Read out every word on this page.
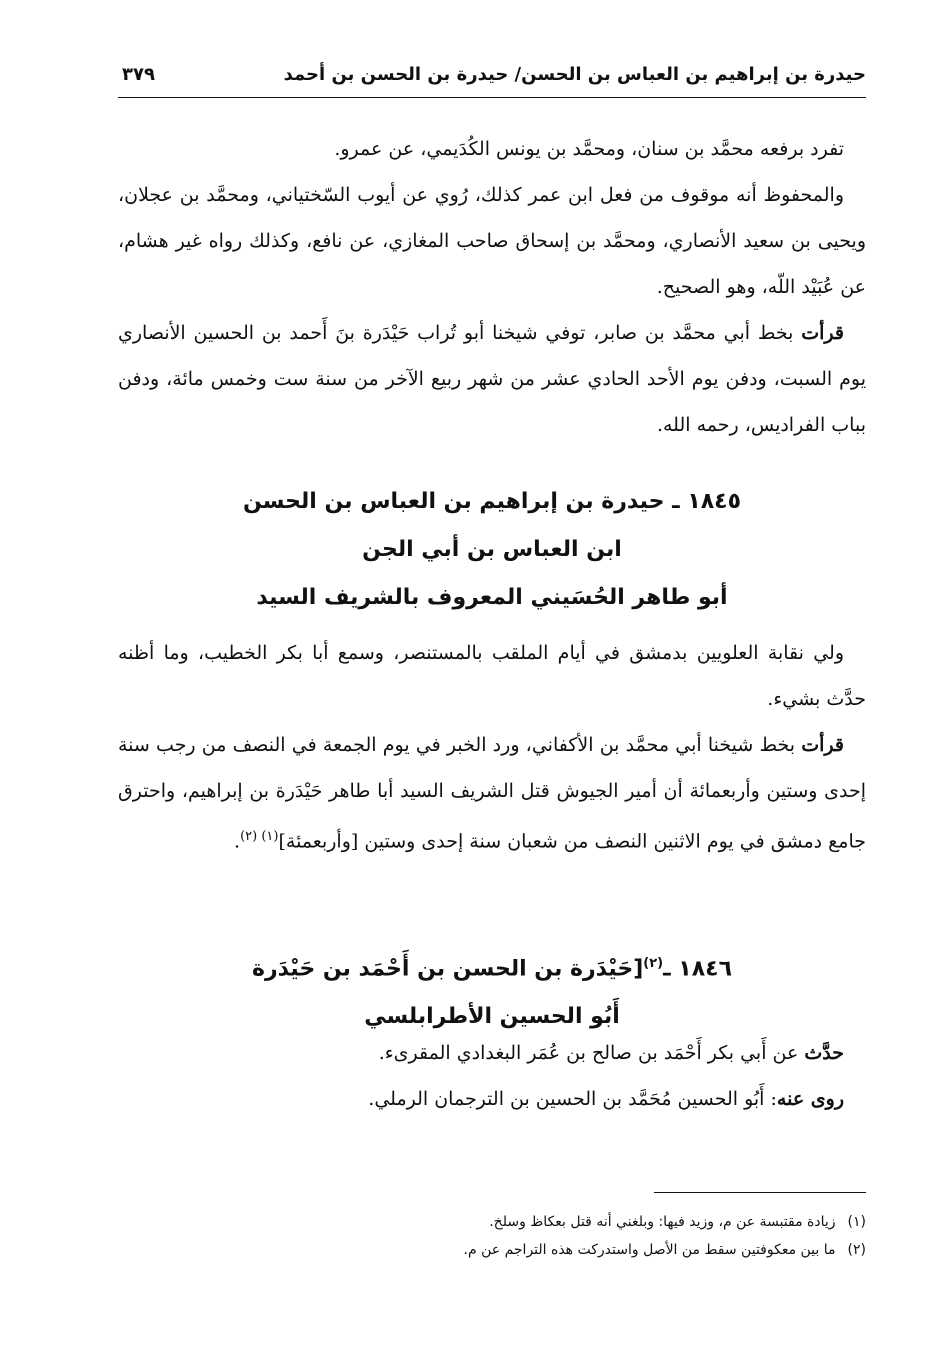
حيدرة بن إبراهيم بن العباس بن الحسن/ حيدرة بن الحسن بن أحمد
٣٧٩

تفرد برفعه محمَّد بن سنان، ومحمَّد بن يونس الكُدَيمي، عن عمرو.

والمحفوظ أنه موقوف من فعل ابن عمر كذلك، رُوي عن أيوب السّختياني، ومحمَّد بن عجلان، ويحيى بن سعيد الأنصاري، ومحمَّد بن إسحاق صاحب المغازي، عن نافع، وكذلك رواه غير هشام، عن عُبَيْد اللّه، وهو الصحيح.

قرأت بخط أبي محمَّد بن صابر، توفي شيخنا أبو تُراب حَيْدَرة بنَ أَحمد بن الحسين الأنصاري يوم السبت، ودفن يوم الأحد الحادي عشر من شهر ربيع الآخر من سنة ست وخمس مائة، ودفن بباب الفراديس، رحمه الله.

١٨٤٥ ـ حيدرة بن إبراهيم بن العباس بن الحسن
ابن العباس بن أبي الجن
أبو طاهر الحُسَيني المعروف بالشريف السيد

ولي نقابة العلويين بدمشق في أيام الملقب بالمستنصر، وسمع أبا بكر الخطيب، وما أظنه حدَّث بشيء.

قرأت بخط شيخنا أبي محمَّد بن الأكفاني، ورد الخبر في يوم الجمعة في النصف من رجب سنة إحدى وستين وأربعمائة أن أمير الجيوش قتل الشريف السيد أبا طاهر حَيْدَرة بن إبراهيم، واحترق جامع دمشق في يوم الاثنين النصف من شعبان سنة إحدى وستين [وأربعمئة]$^{(١) (٢)}$.

١٨٤٦ ـ$^{(٢)}$[حَيْدَرة بن الحسن بن أَحْمَد بن حَيْدَرة
أَبُو الحسين الأطرابلسي

حدَّث عن أَبي بكر أَحْمَد بن صالح بن عُمَر البغدادي المقرىء.

روى عنه: أَبُو الحسين مُحَمَّد بن الحسين بن الترجمان الرملي.

(١)زيادة مقتبسة عن م، وزيد فيها: وبلغني أنه قتل بعكاظ وسلخ.
(٢)ما بين معكوفتين سقط من الأصل واستدركت هذه التراجم عن م.
